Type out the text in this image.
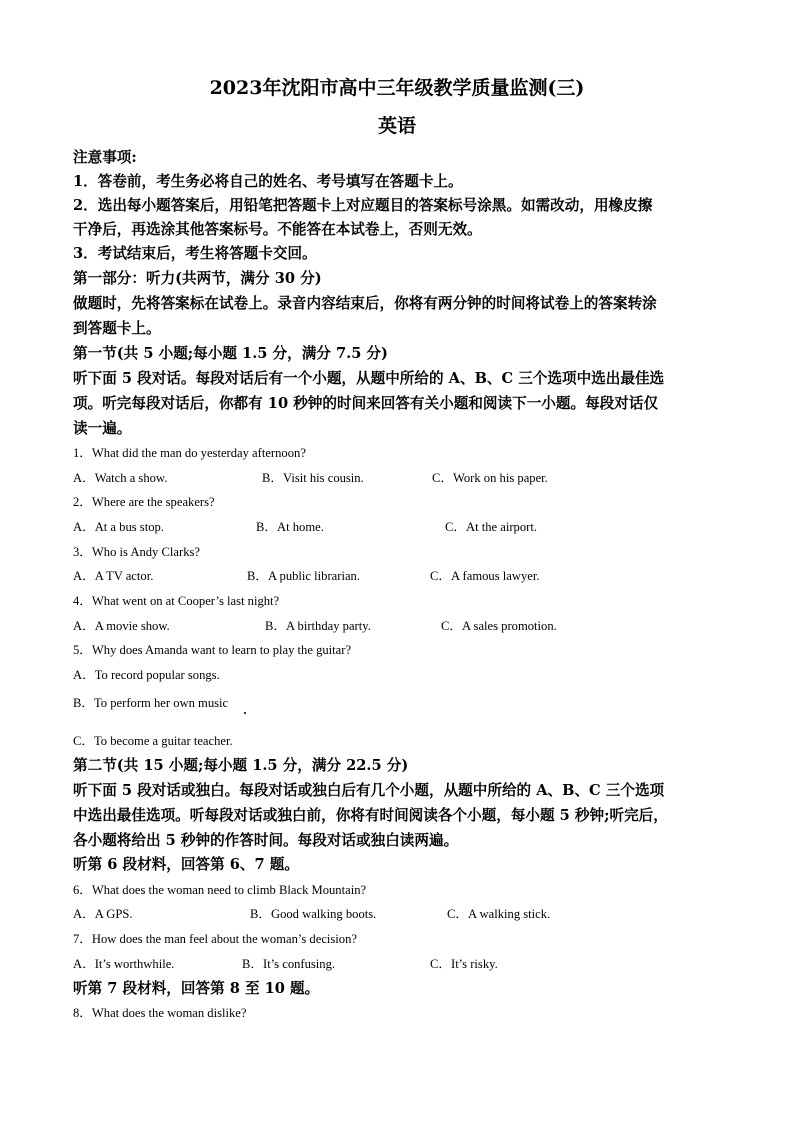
2023年沈阳市高中三年级教学质量监测(三)
英语
注意事项:
1．答卷前，考生务必将自己的姓名、考号填写在答题卡上。
2．选出每小题答案后，用铅笔把答题卡上对应题目的答案标号涂黑。如需改动，用橡皮擦
干净后，再选涂其他答案标号。不能答在本试卷上，否则无效。
3．考试结束后，考生将答题卡交回。
第一部分：听力(共两节，满分 30 分)
做题时，先将答案标在试卷上。录音内容结束后，你将有两分钟的时间将试卷上的答案转涂
到答题卡上。
第一节(共 5 小题;每小题 1.5 分，满分 7.5 分)
听下面 5 段对话。每段对话后有一个小题，从题中所给的 A、B、C 三个选项中选出最佳选
项。听完每段对话后，你都有 10 秒钟的时间来回答有关小题和阅读下一小题。每段对话仅
读一遍。
1．What did the man do yesterday afternoon?
A．Watch a show.	B．Visit his cousin.	C．Work on his paper.
2．Where are the speakers?
A．At a bus stop.	B．At home.	C．At the airport.
3．Who is Andy Clarks?
A．A TV actor.	B．A public librarian.	C．A famous lawyer.
4．What went on at Cooper’s last night?
A．A movie show.	B．A birthday party.	C．A sales promotion.
5．Why does Amanda want to learn to play the guitar?
A．To record popular songs.
B．To perform her own music
C．To become a guitar teacher.
第二节(共 15 小题;每小题 1.5 分，满分 22.5 分)
听下面 5 段对话或独白。每段对话或独白后有几个小题，从题中所给的 A、B、C 三个选项
中选出最佳选项。听每段对话或独白前，你将有时间阅读各个小题，每小题 5 秒钟;听完后，
各小题将给出 5 秒钟的作答时间。每段对话或独白读两遍。
听第 6 段材料，回答第 6、7 题。
6．What does the woman need to climb Black Mountain?
A．A GPS.	B．Good walking boots.	C．A walking stick.
7．How does the man feel about the woman’s decision?
A．It’s worthwhile.	B．It’s confusing.	C．It’s risky.
听第 7 段材料，回答第 8 至 10 题。
8．What does the woman dislike?
